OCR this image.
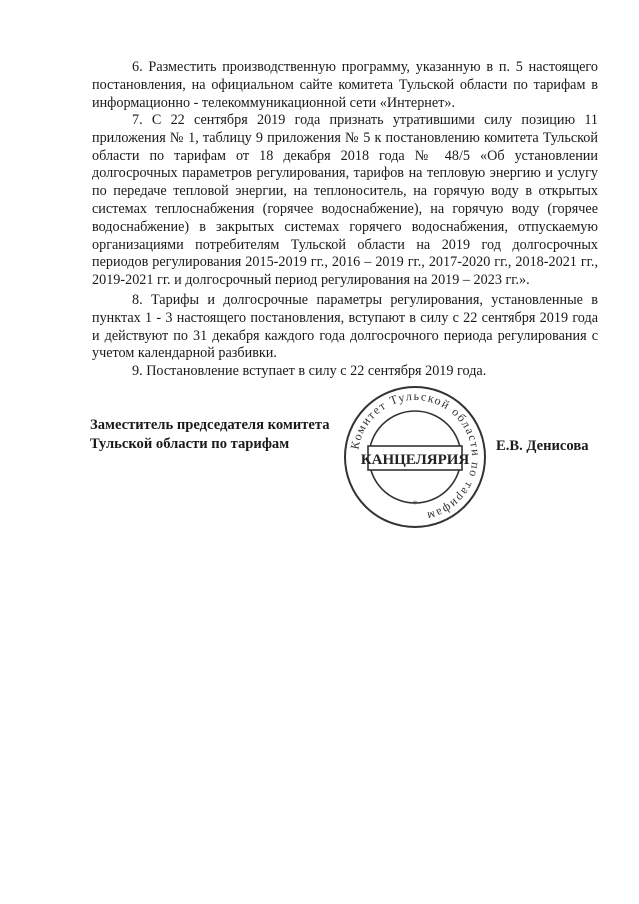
6. Разместить производственную программу, указанную в п. 5 настоящего постановления, на официальном сайте комитета Тульской области по тарифам в информационно - телекоммуникационной сети «Интернет».

7. С 22 сентября 2019 года признать утратившими силу позицию 11 приложения № 1, таблицу 9 приложения № 5 к постановлению комитета Тульской области по тарифам от 18 декабря 2018 года № 48/5 «Об установлении долгосрочных параметров регулирования, тарифов на тепловую энергию и услугу по передаче тепловой энергии, на теплоноситель, на горячую воду в открытых системах теплоснабжения (горячее водоснабжение), на горячую воду (горячее водоснабжение) в закрытых системах горячего водоснабжения, отпускаемую организациями потребителям Тульской области на 2019 год долгосрочных периодов регулирования 2015-2019 гг., 2016 – 2019 гг., 2017-2020 гг., 2018-2021 гг., 2019-2021 гг. и долгосрочный период регулирования на 2019 – 2023 гг.».

8. Тарифы и долгосрочные параметры регулирования, установленные в пунктах 1 - 3 настоящего постановления, вступают в силу с 22 сентября 2019 года и действуют по 31 декабря каждого года долгосрочного периода регулирования с учетом календарной разбивки.

9. Постановление вступает в силу с 22 сентября 2019 года.

Заместитель председателя комитета
Тульской области по тарифам	Комитет Тульской области по тарифам
КАНЦЕЛЯРИЯ
*
Е.В. Денисова
